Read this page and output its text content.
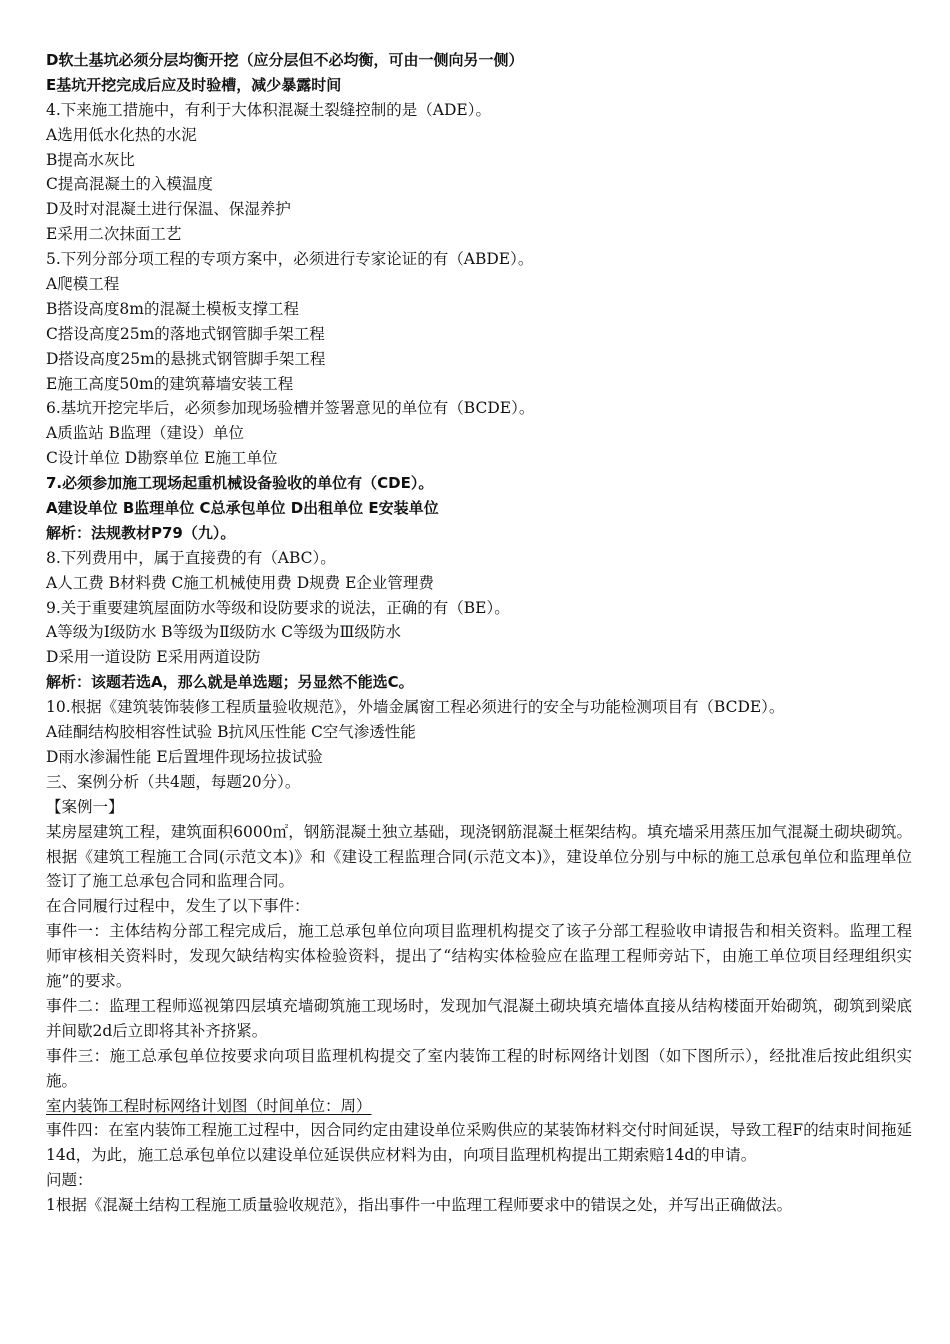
D软土基坑必须分层均衡开挖（应分层但不必均衡，可由一侧向另一侧）
E基坑开挖完成后应及时验槽，减少暴露时间
4.下来施工措施中，有利于大体积混凝土裂缝控制的是（ADE）。
A选用低水化热的水泥
B提高水灰比
C提高混凝土的入模温度
D及时对混凝土进行保温、保湿养护
E采用二次抹面工艺
5.下列分部分项工程的专项方案中，必须进行专家论证的有（ABDE）。
A爬模工程
B搭设高度8m的混凝土模板支撑工程
C搭设高度25m的落地式钢管脚手架工程
D搭设高度25m的悬挑式钢管脚手架工程
E施工高度50m的建筑幕墙安装工程
6.基坑开挖完毕后，必须参加现场验槽并签署意见的单位有（BCDE）。
A质监站 B监理（建设）单位
C设计单位 D勘察单位 E施工单位
7.必须参加施工现场起重机械设备验收的单位有（CDE）。
A建设单位 B监理单位 C总承包单位 D出租单位 E安装单位
解析：法规教材P79（九）。
8.下列费用中，属于直接费的有（ABC）。
A人工费 B材料费 C施工机械使用费 D规费 E企业管理费
9.关于重要建筑屋面防水等级和设防要求的说法，正确的有（BE）。
A等级为Ⅰ级防水 B等级为Ⅱ级防水 C等级为Ⅲ级防水
D采用一道设防 E采用两道设防
解析：该题若选A，那么就是单选题；另显然不能选C。
10.根据《建筑装饰装修工程质量验收规范》，外墙金属窗工程必须进行的安全与功能检测项目有（BCDE）。
A硅酮结构胶相容性试验 B抗风压性能 C空气渗透性能
D雨水渗漏性能 E后置埋件现场拉拔试验
三、案例分析（共4题，每题20分）。
【案例一】
某房屋建筑工程，建筑面积6000㎡，钢筋混凝土独立基础，现浇钢筋混凝土框架结构。填充墙采用蒸压加气混凝土砌块砌筑。根据《建筑工程施工合同(示范文本)》和《建设工程监理合同(示范文本)》，建设单位分别与中标的施工总承包单位和监理单位签订了施工总承包合同和监理合同。
在合同履行过程中，发生了以下事件：
事件一：主体结构分部工程完成后，施工总承包单位向项目监理机构提交了该子分部工程验收申请报告和相关资料。监理工程师审核相关资料时，发现欠缺结构实体检验资料，提出了“结构实体检验应在监理工程师旁站下，由施工单位项目经理组织实施”的要求。
事件二：监理工程师巡视第四层填充墙砌筑施工现场时，发现加气混凝土砌块填充墙体直接从结构楼面开始砌筑，砌筑到梁底并间歇2d后立即将其补齐挤紧。
事件三：施工总承包单位按要求向项目监理机构提交了室内装饰工程的时标网络计划图（如下图所示），经批准后按此组织实施。
室内装饰工程时标网络计划图（时间单位：周）
事件四：在室内装饰工程施工过程中，因合同约定由建设单位采购供应的某装饰材料交付时间延误，导致工程F的结束时间拖延14d，为此，施工总承包单位以建设单位延误供应材料为由，向项目监理机构提出工期索赔14d的申请。
问题：
1根据《混凝土结构工程施工质量验收规范》，指出事件一中监理工程师要求中的错误之处，并写出正确做法。
